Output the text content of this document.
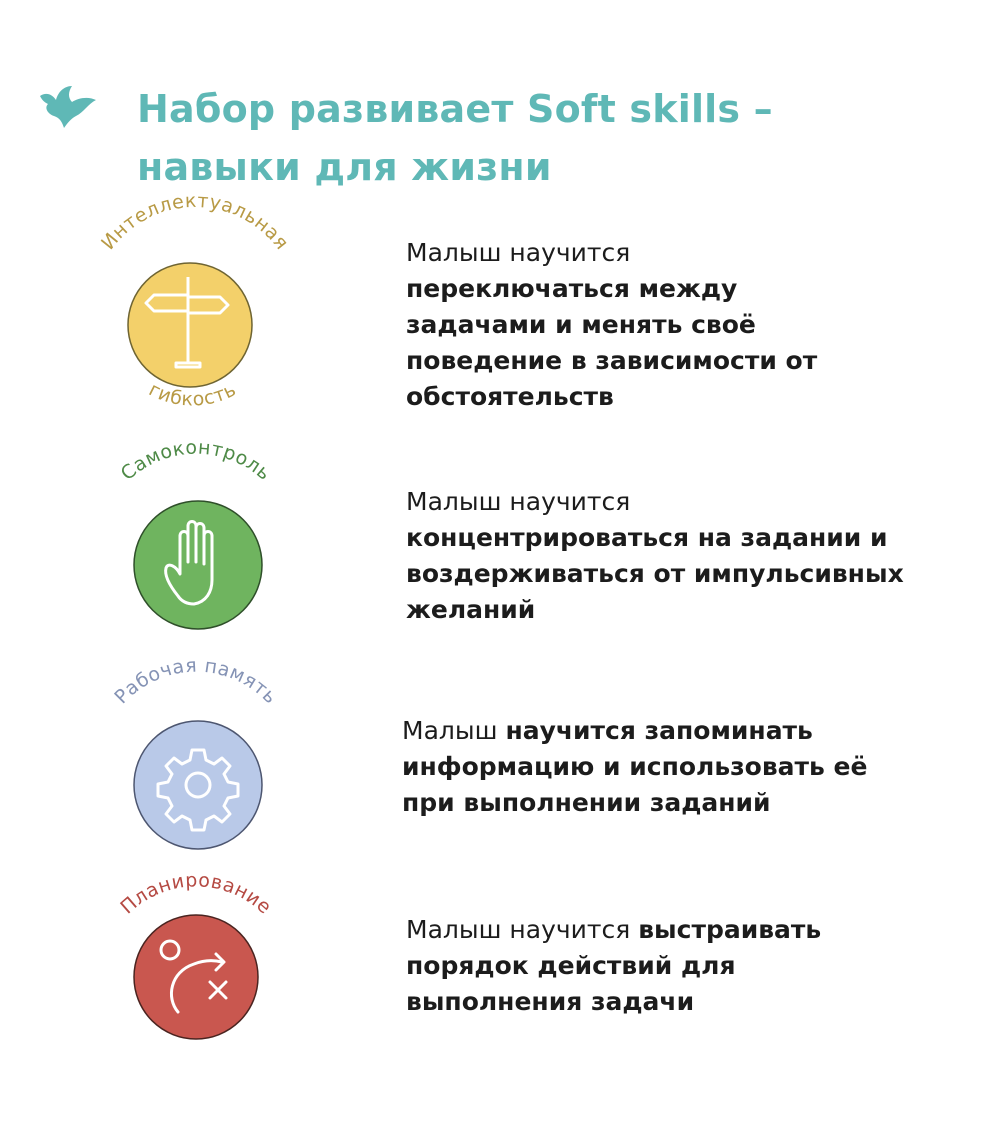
Набор развивает Soft skills –
навыки для жизни
Интеллектуальная
гибкость
Малыш научится
переключаться между задачами и менять своё поведение в зависимости от обстоятельств
Самоконтроль
Малыш научится
концентрироваться на задании и воздерживаться от импульсивных желаний
Рабочая память
Малыш научится запоминать информацию и использовать её при выполнении заданий
Планирование
Малыш научится выстраивать порядок действий для выполнения задачи
